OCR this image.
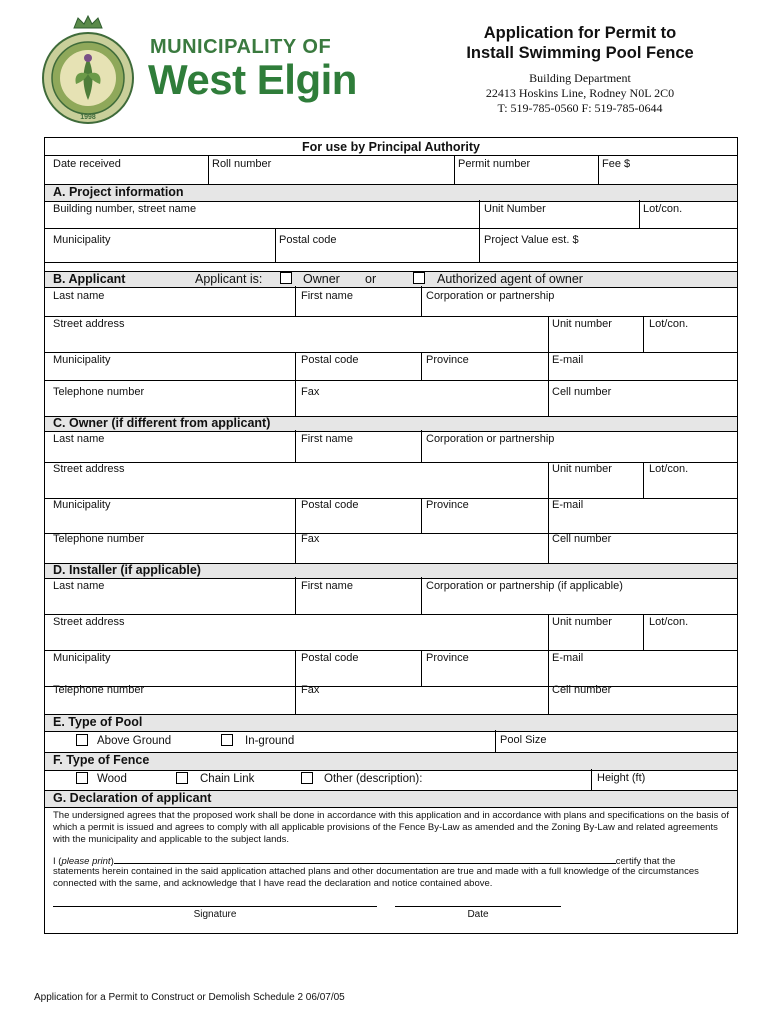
1998
MUNICIPALITY OF
West Elgin
Application for Permit to
Install Swimming Pool Fence
Building Department
22413 Hoskins Line, Rodney N0L 2C0
T: 519-785-0560 F: 519-785-0644
For use by Principal Authority
Date received	Roll number	Permit number	Fee $
A. Project information
Building number, street name	Unit Number	Lot/con.
Municipality	Postal code	Project Value est. $
B. Applicant	Applicant is:	Owner or	Authorized agent of owner
Last name	First name	Corporation or partnership
Street address	Unit number	Lot/con.
Municipality	Postal code	Province	E-mail
Telephone number	Fax	Cell number
C. Owner (if different from applicant)
Last name	First name	Corporation or partnership
Street address	Unit number	Lot/con.
Municipality	Postal code	Province	E-mail
Telephone number	Fax	Cell number
D. Installer (if applicable)
Last name	First name	Corporation or partnership (if applicable)
Street address	Unit number	Lot/con.
Municipality	Postal code	Province	E-mail
Telephone number	Fax	Cell number
E. Type of Pool
Above Ground	In-ground	Pool Size
F. Type of Fence
Wood	Chain Link	Other (description):	Height (ft)
G. Declaration of applicant
The undersigned agrees that the proposed work shall be done in accordance with this application and in accordance with plans and specifications on the basis of which a permit is issued and agrees to comply with all applicable provisions of the Fence By-Law as amended and the Zoning By-Law and related agreements with the municipality and applicable to the subject lands.
I (please print)	certify that the
statements herein contained in the said application attached plans and other documentation are true and made with a full knowledge of the circumstances connected with the same, and acknowledge that I have read the declaration and notice contained above.
Signature	Date
Application for a Permit to Construct or Demolish Schedule 2 06/07/05
